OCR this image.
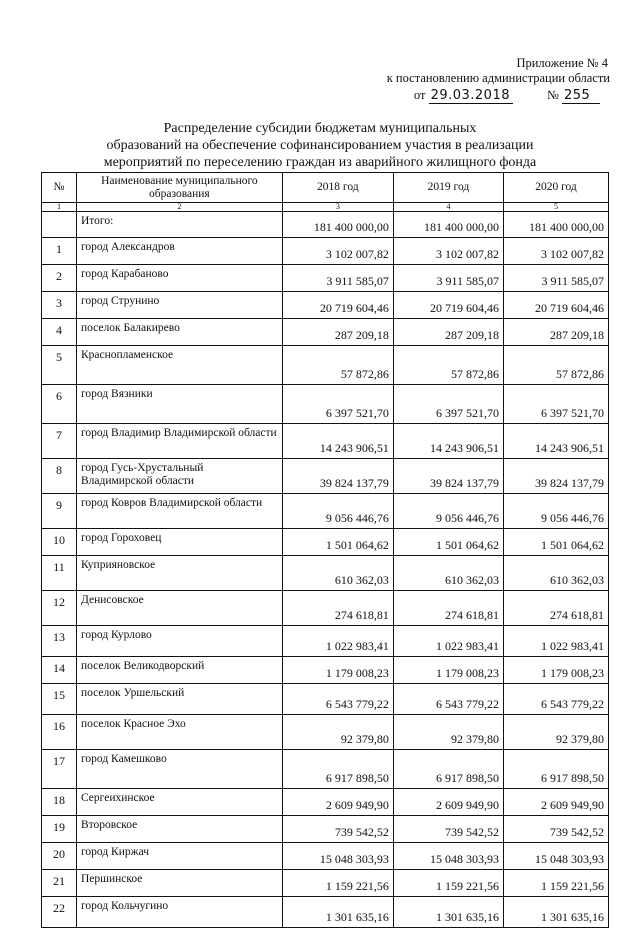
Приложение № 4
к постановлению администрации области
от 29.03.2018	№ 255
Распределение субсидии бюджетам муниципальных
образований на обеспечение софинансированием участия в реализации
мероприятий по переселению граждан из аварийного жилищного фонда
№	Наименование муниципального образования	2018 год	2019 год	2020 год
1	2	3	4	5
	Итого:	181 400 000,00	181 400 000,00	181 400 000,00
1	город Александров	3 102 007,82	3 102 007,82	3 102 007,82
2	город Карабаново	3 911 585,07	3 911 585,07	3 911 585,07
3	город Струнино	20 719 604,46	20 719 604,46	20 719 604,46
4	поселок Балакирево	287 209,18	287 209,18	287 209,18
5	Краснопламенское	57 872,86	57 872,86	57 872,86
6	город Вязники	6 397 521,70	6 397 521,70	6 397 521,70
7	город Владимир Владимирской области	14 243 906,51	14 243 906,51	14 243 906,51
8	город Гусь-Хрустальный Владимирской области	39 824 137,79	39 824 137,79	39 824 137,79
9	город Ковров Владимирской области	9 056 446,76	9 056 446,76	9 056 446,76
10	город Гороховец	1 501 064,62	1 501 064,62	1 501 064,62
11	Куприяновское	610 362,03	610 362,03	610 362,03
12	Денисовское	274 618,81	274 618,81	274 618,81
13	город Курлово	1 022 983,41	1 022 983,41	1 022 983,41
14	поселок Великодворский	1 179 008,23	1 179 008,23	1 179 008,23
15	поселок Уршельский	6 543 779,22	6 543 779,22	6 543 779,22
16	поселок Красное Эхо	92 379,80	92 379,80	92 379,80
17	город Камешково	6 917 898,50	6 917 898,50	6 917 898,50
18	Сергеихинское	2 609 949,90	2 609 949,90	2 609 949,90
19	Второвское	739 542,52	739 542,52	739 542,52
20	город Киржач	15 048 303,93	15 048 303,93	15 048 303,93
21	Першинское	1 159 221,56	1 159 221,56	1 159 221,56
22	город Кольчугино	1 301 635,16	1 301 635,16	1 301 635,16
